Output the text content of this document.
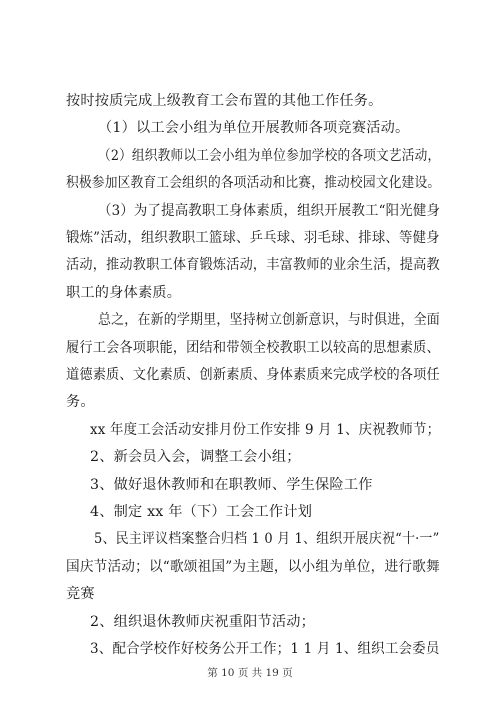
按时按质完成上级教育工会布置的其他工作任务。
（1）以工会小组为单位开展教师各项竞赛活动。
（2）组织教师以工会小组为单位参加学校的各项文艺活动，
积极参加区教育工会组织的各项活动和比赛，推动校园文化建设。
（3）为了提高教职工身体素质，组织开展教工“阳光健身
锻炼”活动，组织教职工篮球、乒乓球、羽毛球、排球、等健身
活动，推动教职工体育锻炼活动，丰富教师的业余生活，提高教
职工的身体素质。
总之，在新的学期里，坚持树立创新意识，与时俱进，全面
履行工会各项职能，团结和带领全校教职工以较高的思想素质、
道德素质、文化素质、创新素质、身体素质来完成学校的各项任
务。
xx 年度工会活动安排月份工作安排 9 月 1、庆祝教师节；
2、新会员入会，调整工会小组；
3、做好退休教师和在职教师、学生保险工作
4、制定 xx 年（下）工会工作计划
5、民主评议档案整合归档 1 0 月 1、组织开展庆祝“十·一”
国庆节活动；以“歌颂祖国”为主题，以小组为单位，进行歌舞
竞赛
2、组织退休教师庆祝重阳节活动；
3、配合学校作好校务公开工作；1 1 月 1、组织工会委员
第 10 页 共 19 页
